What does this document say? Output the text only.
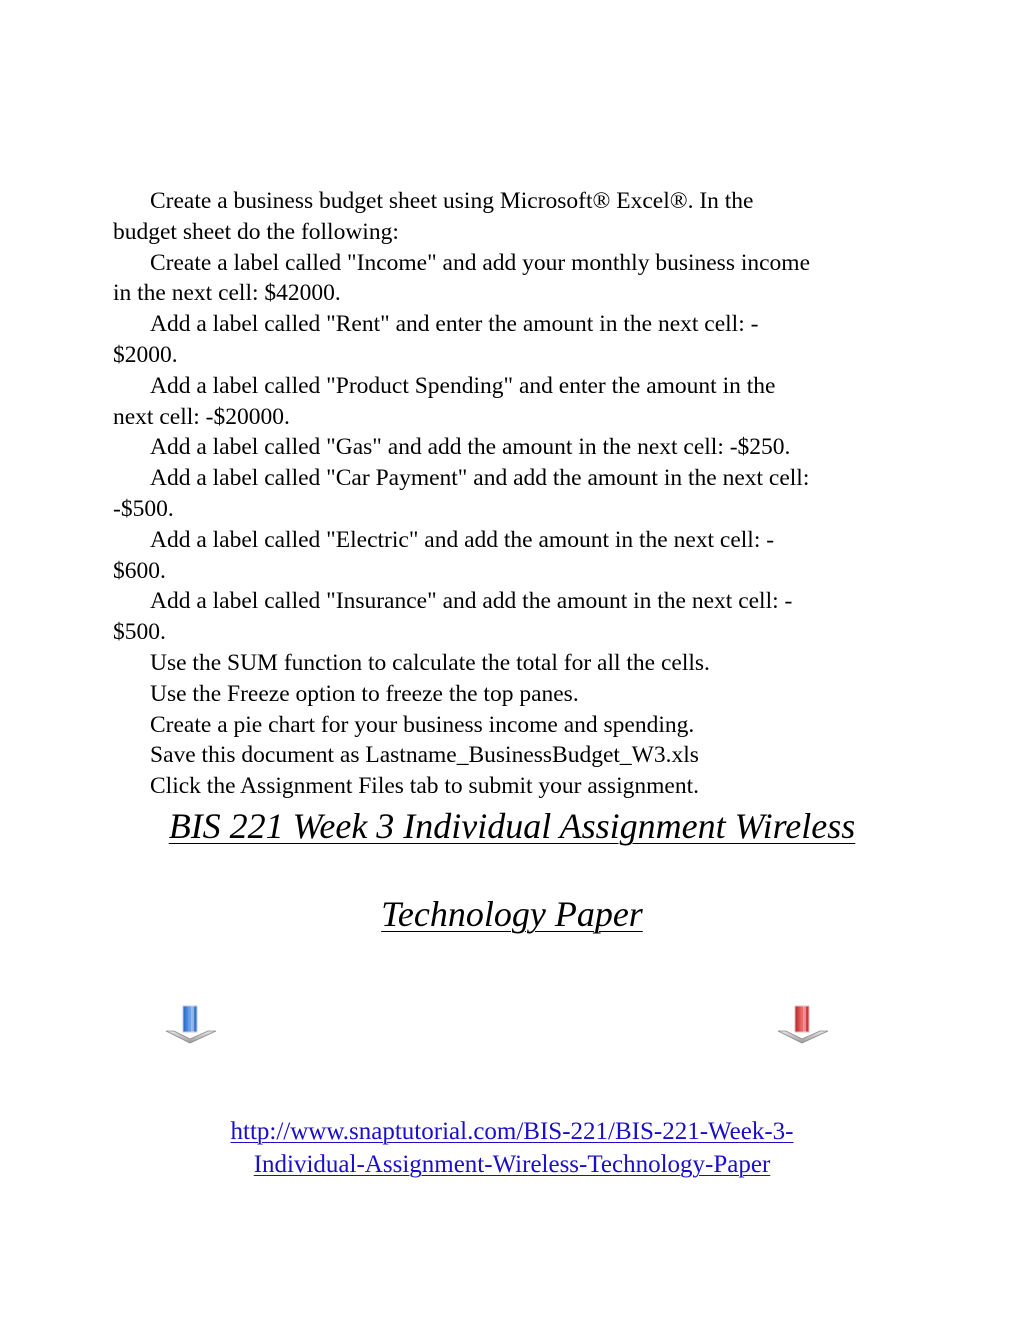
Create a business budget sheet using Microsoft® Excel®. In the
budget sheet do the following:
Create a label called "Income" and add your monthly business income
in the next cell: $42000.
Add a label called "Rent" and enter the amount in the next cell: -
$2000.
Add a label called "Product Spending" and enter the amount in the
next cell: -$20000.
Add a label called "Gas" and add the amount in the next cell: -$250.
Add a label called "Car Payment" and add the amount in the next cell:
-$500.
Add a label called "Electric" and add the amount in the next cell: -
$600.
Add a label called "Insurance" and add the amount in the next cell: -
$500.
Use the SUM function to calculate the total for all the cells.
Use the Freeze option to freeze the top panes.
Create a pie chart for your business income and spending.
Save this document as Lastname_BusinessBudget_W3.xls
Click the Assignment Files tab to submit your assignment.
BIS 221 Week 3 Individual Assignment Wireless
Technology Paper
http://www.snaptutorial.com/BIS-221/BIS-221-Week-3-
Individual-Assignment-Wireless-Technology-Paper
